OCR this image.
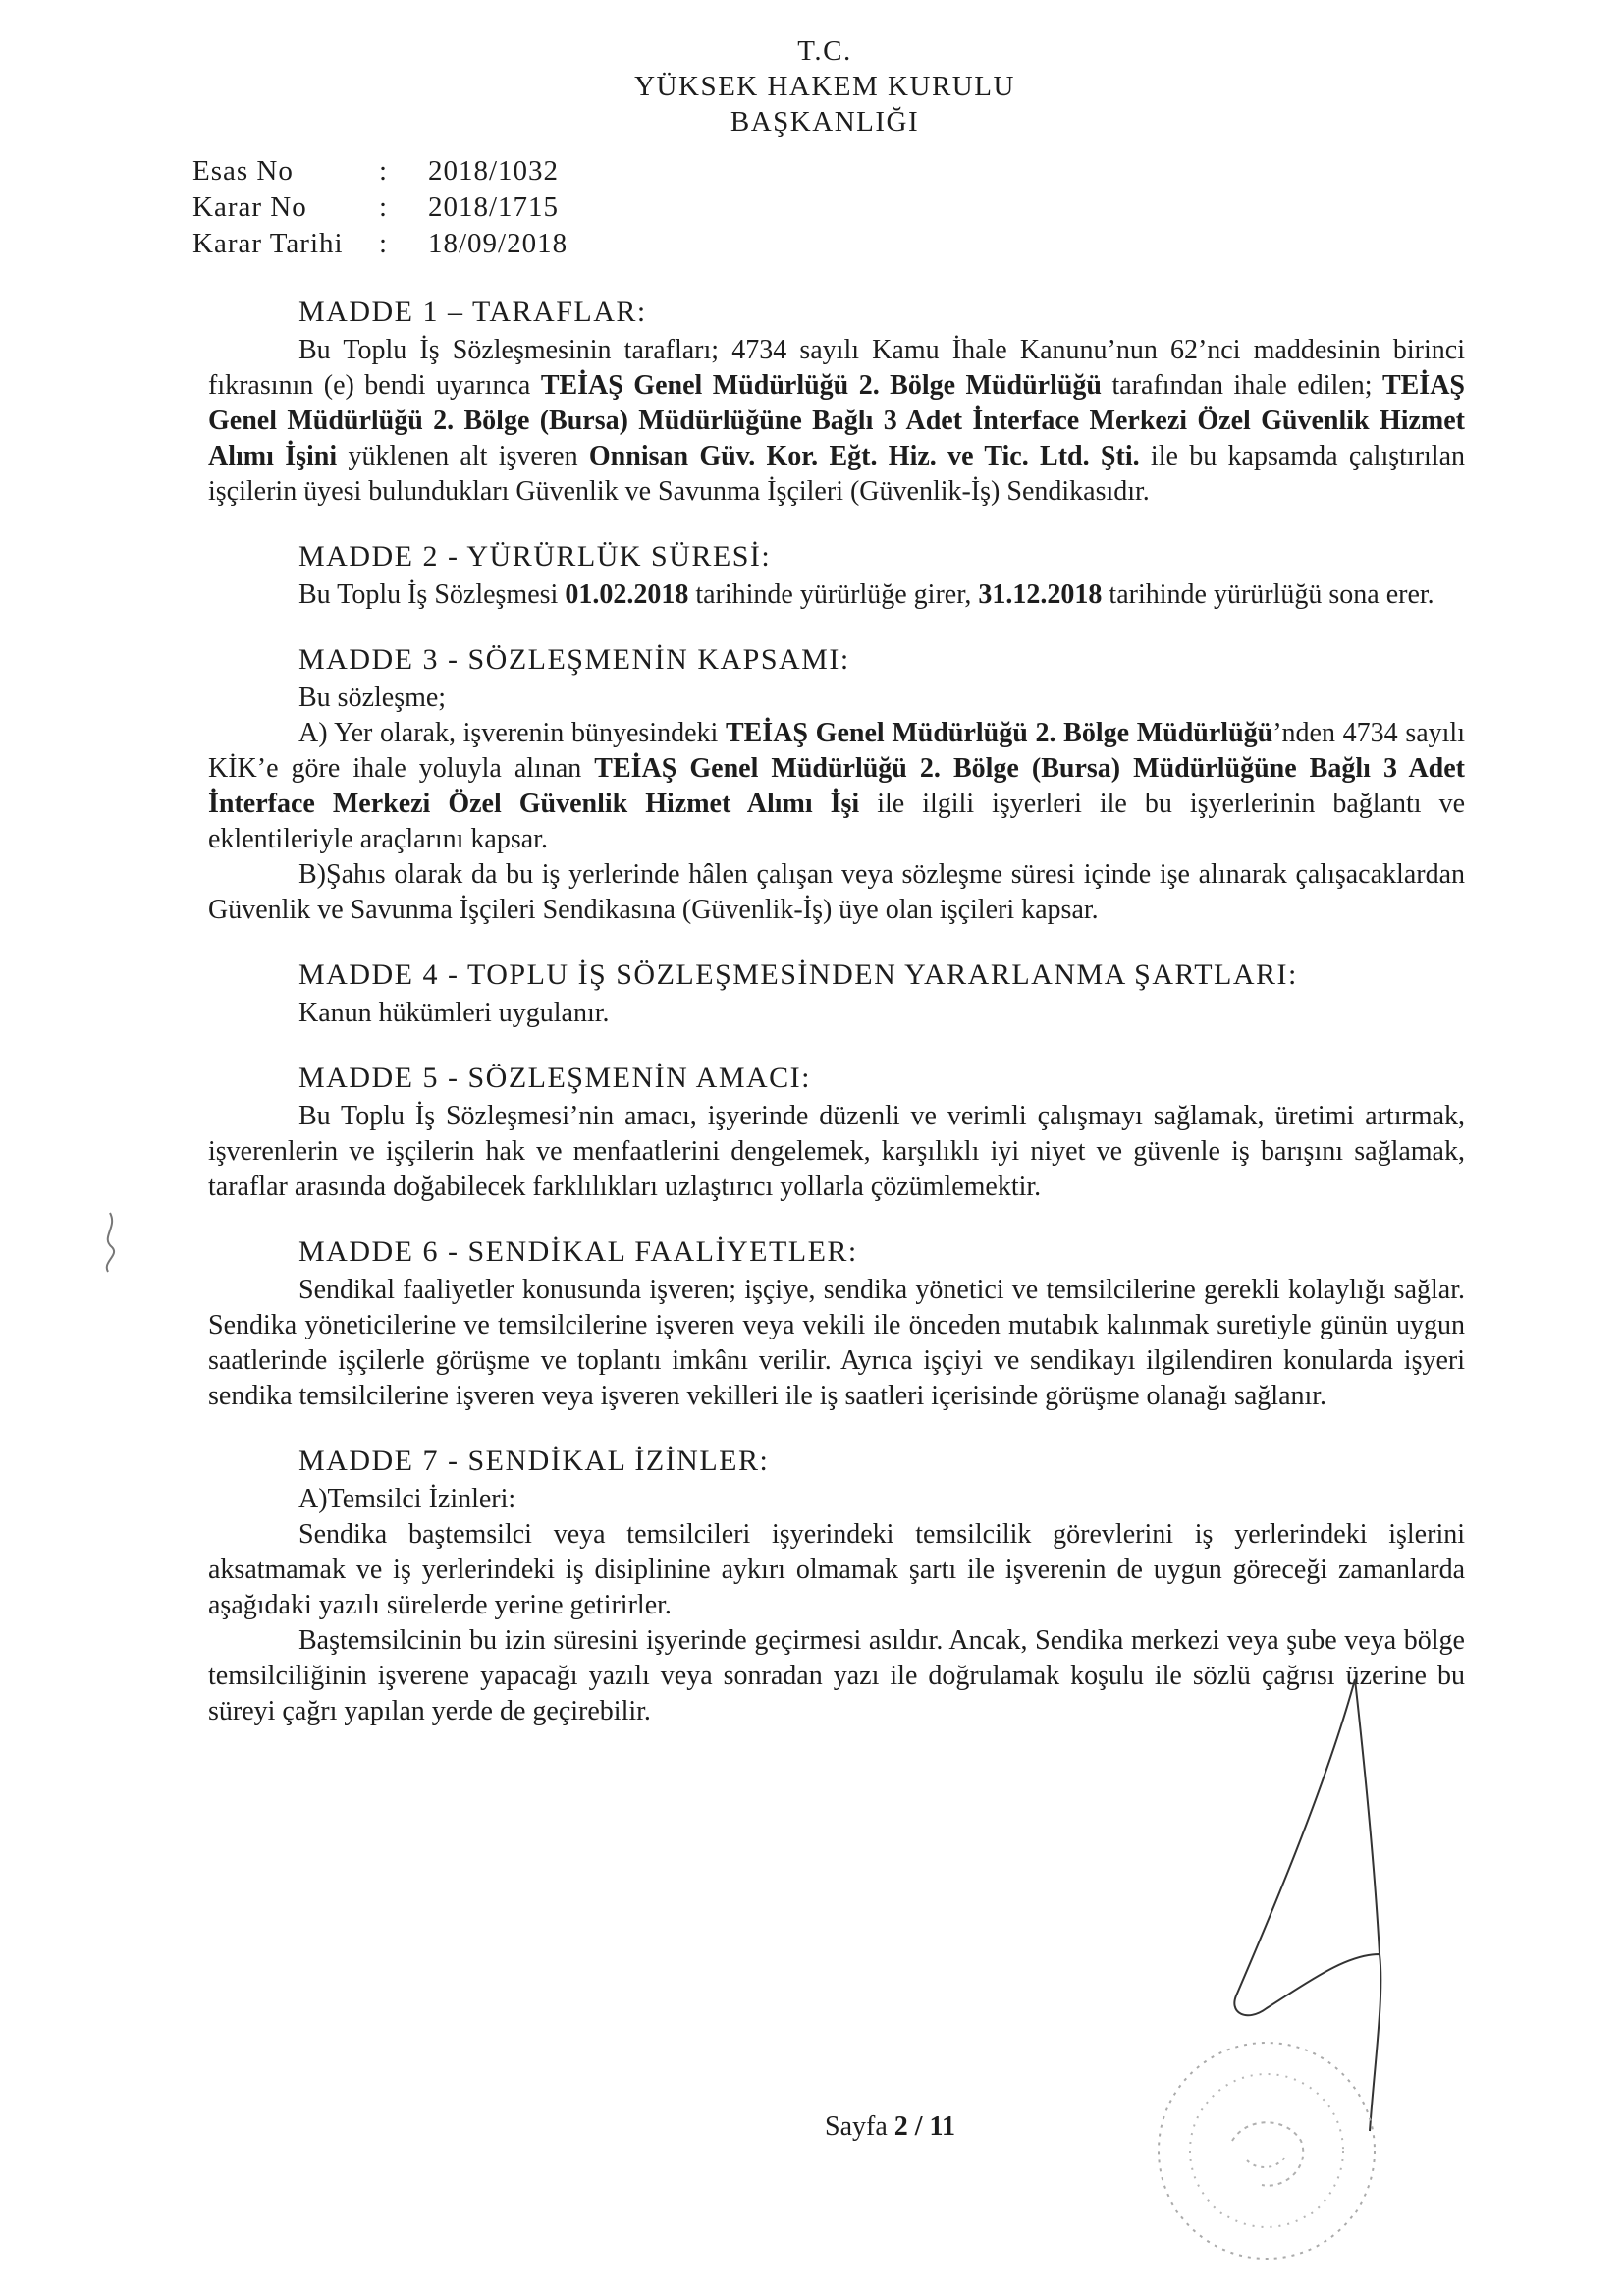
T.C.
YÜKSEK HAKEM KURULU
BAŞKANLIĞI
Esas No	:	2018/1032
Karar No	:	2018/1715
Karar Tarihi	:	18/09/2018
MADDE 1 – TARAFLAR:
Bu Toplu İş Sözleşmesinin tarafları; 4734 sayılı Kamu İhale Kanunu’nun 62’nci maddesinin birinci fıkrasının (e) bendi uyarınca TEİAŞ Genel Müdürlüğü 2. Bölge Müdürlüğü tarafından ihale edilen; TEİAŞ Genel Müdürlüğü 2. Bölge (Bursa) Müdürlüğüne Bağlı 3 Adet İnterface Merkezi Özel Güvenlik Hizmet Alımı İşini yüklenen alt işveren Onnisan Güv. Kor. Eğt. Hiz. ve Tic. Ltd. Şti. ile bu kapsamda çalıştırılan işçilerin üyesi bulundukları Güvenlik ve Savunma İşçileri (Güvenlik-İş) Sendikasıdır.
MADDE 2 - YÜRÜRLÜK SÜRESİ:
Bu Toplu İş Sözleşmesi 01.02.2018 tarihinde yürürlüğe girer, 31.12.2018 tarihinde yürürlüğü sona erer.
MADDE 3 - SÖZLEŞMENİN KAPSAMI:
Bu sözleşme;
A) Yer olarak, işverenin bünyesindeki TEİAŞ Genel Müdürlüğü 2. Bölge Müdürlüğü’nden 4734 sayılı KİK’e göre ihale yoluyla alınan TEİAŞ Genel Müdürlüğü 2. Bölge (Bursa) Müdürlüğüne Bağlı 3 Adet İnterface Merkezi Özel Güvenlik Hizmet Alımı İşi ile ilgili işyerleri ile bu işyerlerinin bağlantı ve eklentileriyle araçlarını kapsar.
B)Şahıs olarak da bu iş yerlerinde hâlen çalışan veya sözleşme süresi içinde işe alınarak çalışacaklardan Güvenlik ve Savunma İşçileri Sendikasına (Güvenlik-İş) üye olan işçileri kapsar.
MADDE 4 - TOPLU İŞ SÖZLEŞMESİNDEN YARARLANMA ŞARTLARI:
Kanun hükümleri uygulanır.
MADDE 5 - SÖZLEŞMENİN AMACI:
Bu Toplu İş Sözleşmesi’nin amacı, işyerinde düzenli ve verimli çalışmayı sağlamak, üretimi artırmak, işverenlerin ve işçilerin hak ve menfaatlerini dengelemek, karşılıklı iyi niyet ve güvenle iş barışını sağlamak, taraflar arasında doğabilecek farklılıkları uzlaştırıcı yollarla çözümlemektir.
MADDE 6 - SENDİKAL FAALİYETLER:
Sendikal faaliyetler konusunda işveren; işçiye, sendika yönetici ve temsilcilerine gerekli kolaylığı sağlar. Sendika yöneticilerine ve temsilcilerine işveren veya vekili ile önceden mutabık kalınmak suretiyle günün uygun saatlerinde işçilerle görüşme ve toplantı imkânı verilir. Ayrıca işçiyi ve sendikayı ilgilendiren konularda işyeri sendika temsilcilerine işveren veya işveren vekilleri ile iş saatleri içerisinde görüşme olanağı sağlanır.
MADDE 7 - SENDİKAL İZİNLER:
A)Temsilci İzinleri:
Sendika baştemsilci veya temsilcileri işyerindeki temsilcilik görevlerini iş yerlerindeki işlerini aksatmamak ve iş yerlerindeki iş disiplinine aykırı olmamak şartı ile işverenin de uygun göreceği zamanlarda aşağıdaki yazılı sürelerde yerine getirirler.
Baştemsilcinin bu izin süresini işyerinde geçirmesi asıldır. Ancak, Sendika merkezi veya şube veya bölge temsilciliğinin işverene yapacağı yazılı veya sonradan yazı ile doğrulamak koşulu ile sözlü çağrısı üzerine bu süreyi çağrı yapılan yerde de geçirebilir.
Sayfa 2 / 11
